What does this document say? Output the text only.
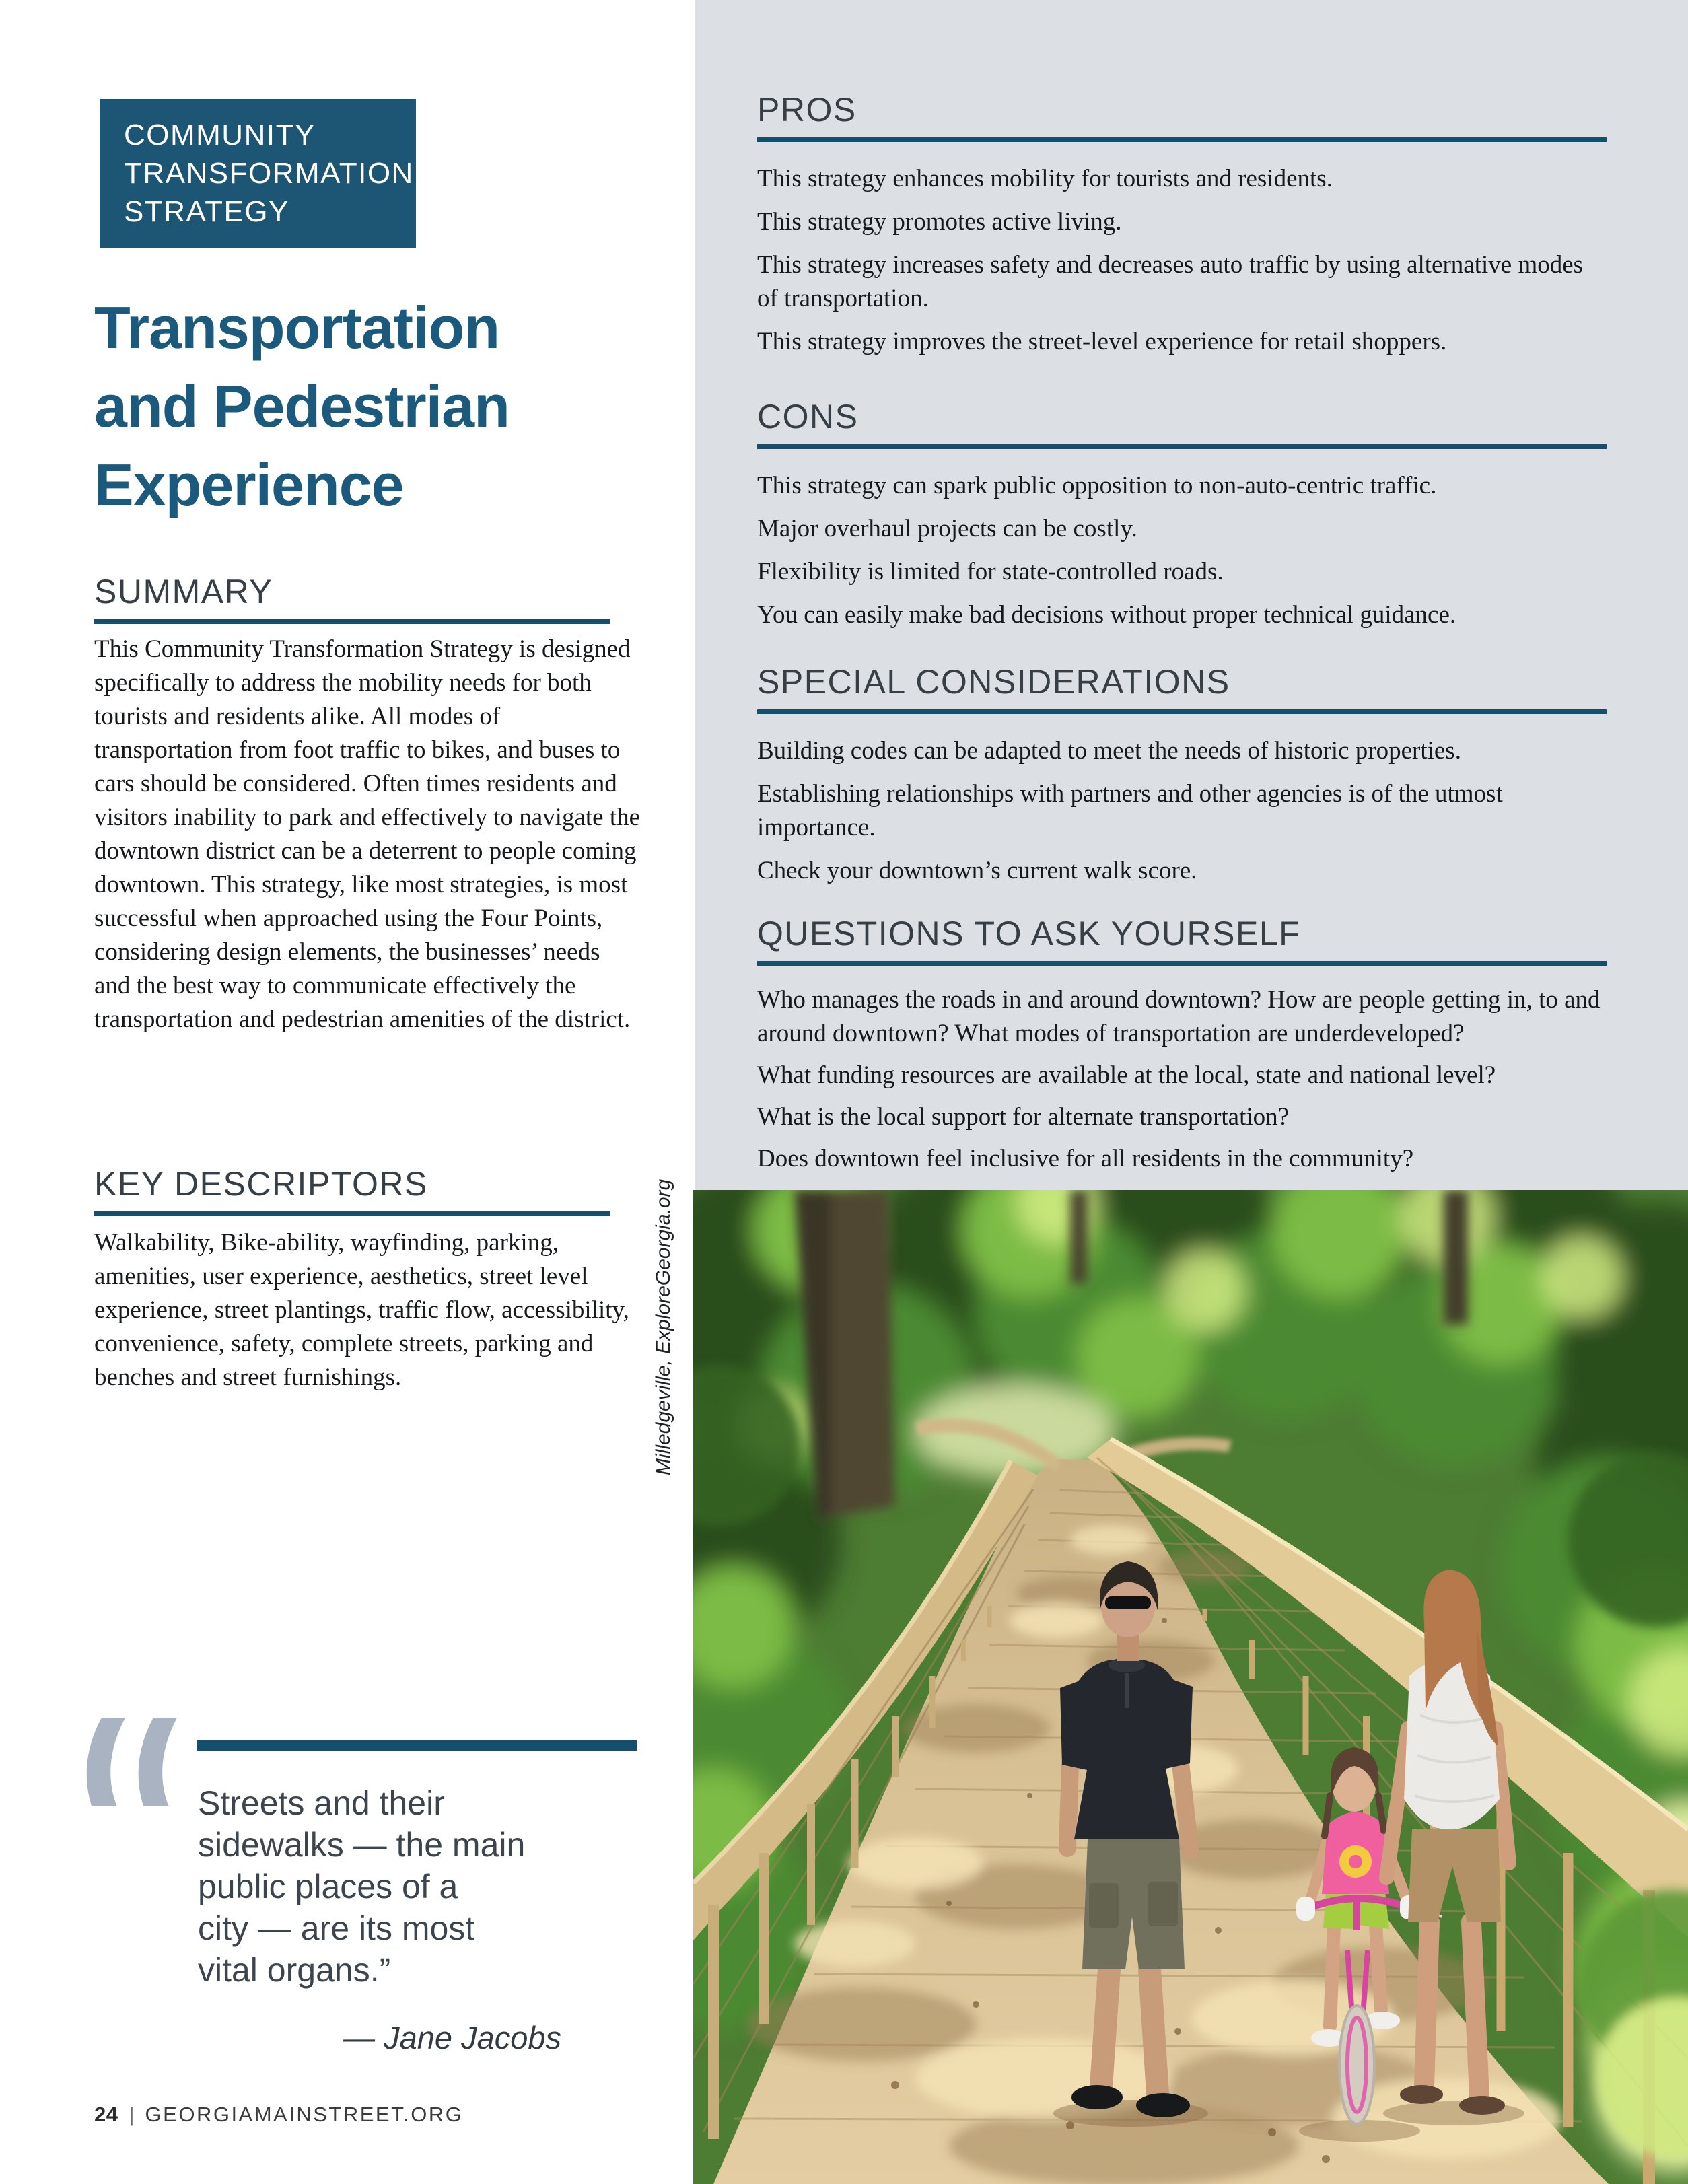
COMMUNITY
TRANSFORMATION
STRATEGY
Transportation
and Pedestrian
Experience
SUMMARY
This Community Transformation Strategy is designed specifically to address the mobility needs for both tourists and residents alike. All modes of transportation from foot traffic to bikes, and buses to cars should be considered. Often times residents and visitors inability to park and effectively to navigate the downtown district can be a deterrent to people coming downtown. This strategy, like most strategies, is most successful when approached using the Four Points, considering design elements, the businesses’ needs and the best way to communicate effectively the transportation and pedestrian amenities of the district.
KEY DESCRIPTORS
Walkability, Bike-ability, wayfinding, parking, amenities, user experience, aesthetics, street level experience, street plantings, traffic flow, accessibility, convenience, safety, complete streets, parking and benches and street furnishings.
PROS

This strategy enhances mobility for tourists and residents.

This strategy promotes active living.

This strategy increases safety and decreases auto traffic by using alternative modes of transportation.

This strategy improves the street-level experience for retail shoppers.

CONS

This strategy can spark public opposition to non-auto-centric traffic.

Major overhaul projects can be costly.

Flexibility is limited for state-controlled roads.

You can easily make bad decisions without proper technical guidance.

SPECIAL CONSIDERATIONS

Building codes can be adapted to meet the needs of historic properties.

Establishing relationships with partners and other agencies is of the utmost importance.

Check your downtown’s current walk score.

QUESTIONS TO ASK YOURSELF

Who manages the roads in and around downtown? How are people getting in, to and around downtown? What modes of transportation are underdeveloped?

What funding resources are available at the local, state and national level?

What is the local support for alternate transportation?

Does downtown feel inclusive for all residents in the community?

Streets and their
sidewalks — the main
public places of a
city — are its most
vital organs.”
— Jane Jacobs
24 | GEORGIAMAINSTREET.ORG
Milledgeville, ExploreGeorgia.org
